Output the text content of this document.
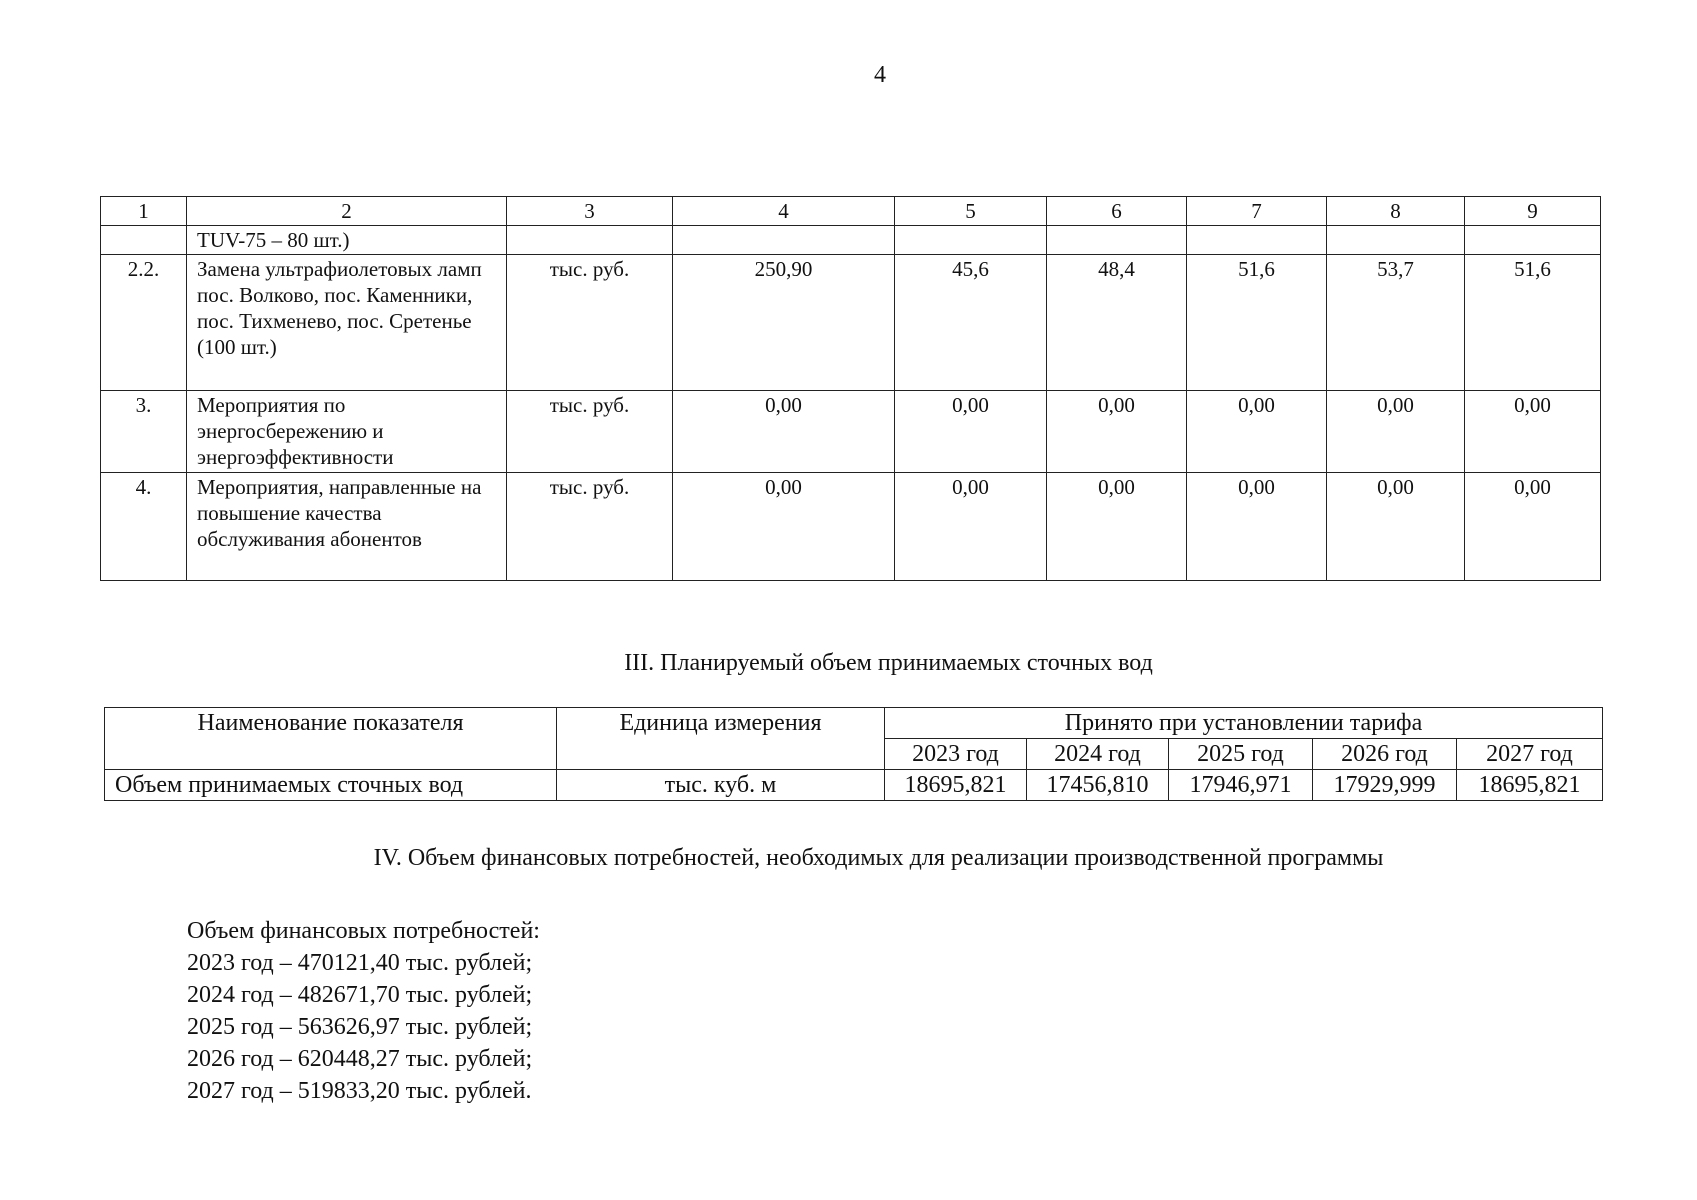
4
1	2	3	4	5	6	7	8	9
	TUV-75 – 80 шт.)							
2.2.	Замена ультрафиолетовых ламп пос. Волково, пос. Каменники, пос. Тихменево, пос. Сретенье (100 шт.)	тыс. руб.	250,90	45,6	48,4	51,6	53,7	51,6
3.	Мероприятия по энергосбережению и энергоэффективности	тыс. руб.	0,00	0,00	0,00	0,00	0,00	0,00
4.	Мероприятия, направленные на повышение качества обслуживания абонентов	тыс. руб.	0,00	0,00	0,00	0,00	0,00	0,00
III. Планируемый объем принимаемых сточных вод
Наименование показателя	Единица измерения	Принято при установлении тарифа				
		2023 год	2024 год	2025 год	2026 год	2027 год
Объем принимаемых сточных вод	тыс. куб. м	18695,821	17456,810	17946,971	17929,999	18695,821
IV. Объем финансовых потребностей, необходимых для реализации производственной программы
Объем финансовых потребностей:
2023 год – 470121,40 тыс. рублей;
2024 год – 482671,70 тыс. рублей;
2025 год – 563626,97 тыс. рублей;
2026 год – 620448,27 тыс. рублей;
2027 год – 519833,20 тыс. рублей.
